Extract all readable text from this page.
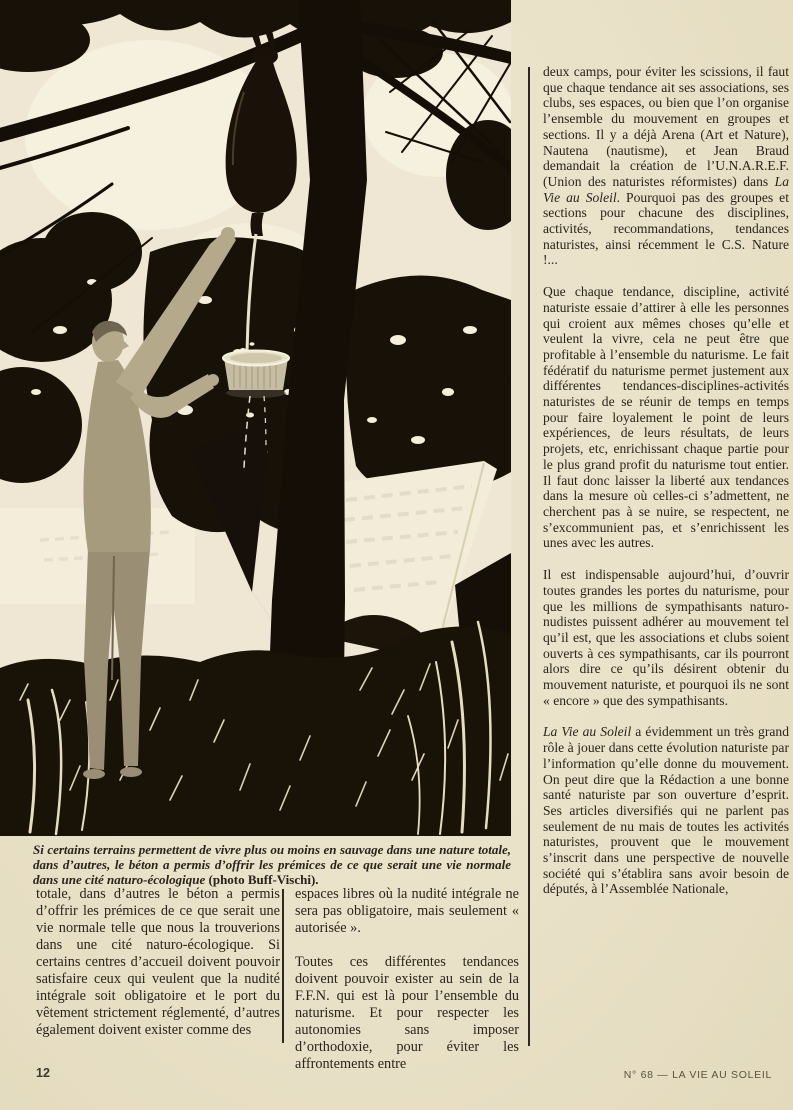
Si certains terrains permettent de vivre plus ou moins en sauvage dans une nature totale, dans d’autres, le béton a permis d’offrir les prémices de ce que serait une vie normale dans une cité naturo-écologique (photo Buff-Vischi).

totale, dans d’autres le béton a permis d’offrir les prémices de ce que serait une vie normale telle que nous la trouverions dans une cité naturo-écologique. Si certains centres d’accueil doivent pouvoir satisfaire ceux qui veulent que la nudité intégrale soit obligatoire et le port du vêtement strictement réglementé, d’autres également doivent exister comme des

espaces libres où la nudité intégrale ne sera pas obligatoire, mais seulement « autorisée ».

Toutes ces différentes tendances doivent pouvoir exister au sein de la F.F.N. qui est là pour l’ensemble du naturisme. Et pour respecter les autonomies sans imposer d’orthodoxie, pour éviter les affrontements entre

deux camps, pour éviter les scissions, il faut que chaque tendance ait ses associations, ses clubs, ses espaces, ou bien que l’on organise l’ensemble du mouvement en groupes et sections. Il y a déjà Arena (Art et Nature), Nautena (nautisme), et Jean Braud demandait la création de l’U.N.A.R.E.F. (Union des naturistes réformistes) dans La Vie au Soleil. Pourquoi pas des groupes et sections pour chacune des disciplines, activités, recommandations, tendances naturistes, ainsi récemment le C.S. Nature !...

Que chaque tendance, discipline, activité naturiste essaie d’attirer à elle les personnes qui croient aux mêmes choses qu’elle et veulent la vivre, cela ne peut être que profitable à l’ensemble du naturisme. Le fait fédératif du naturisme permet justement aux différentes tendances-disciplines-activités naturistes de se réunir de temps en temps pour faire loyalement le point de leurs expériences, de leurs résultats, de leurs projets, etc, enrichissant chaque partie pour le plus grand profit du naturisme tout entier. Il faut donc laisser la liberté aux tendances dans la mesure où celles-ci s’admettent, ne cherchent pas à se nuire, se respectent, ne s’excommunient pas, et s’enrichissent les unes avec les autres.

Il est indispensable aujourd’hui, d’ouvrir toutes grandes les portes du naturisme, pour que les millions de sympathisants naturo-nudistes puissent adhérer au mouvement tel qu’il est, que les associations et clubs soient ouverts à ces sympathisants, car ils pourront alors dire ce qu’ils désirent obtenir du mouvement naturiste, et pourquoi ils ne sont « encore » que des sympathisants.

La Vie au Soleil a évidemment un très grand rôle à jouer dans cette évolution naturiste par l’information qu’elle donne du mouvement. On peut dire que la Rédaction a une bonne santé naturiste par son ouverture d’esprit. Ses articles diversifiés qui ne parlent pas seulement de nu mais de toutes les activités naturistes, prouvent que le mouvement s’inscrit dans une perspective de nouvelle société qui s’établira sans avoir besoin de députés, à l’Assemblée Nationale,

12	N° 68 — LA VIE AU SOLEIL
